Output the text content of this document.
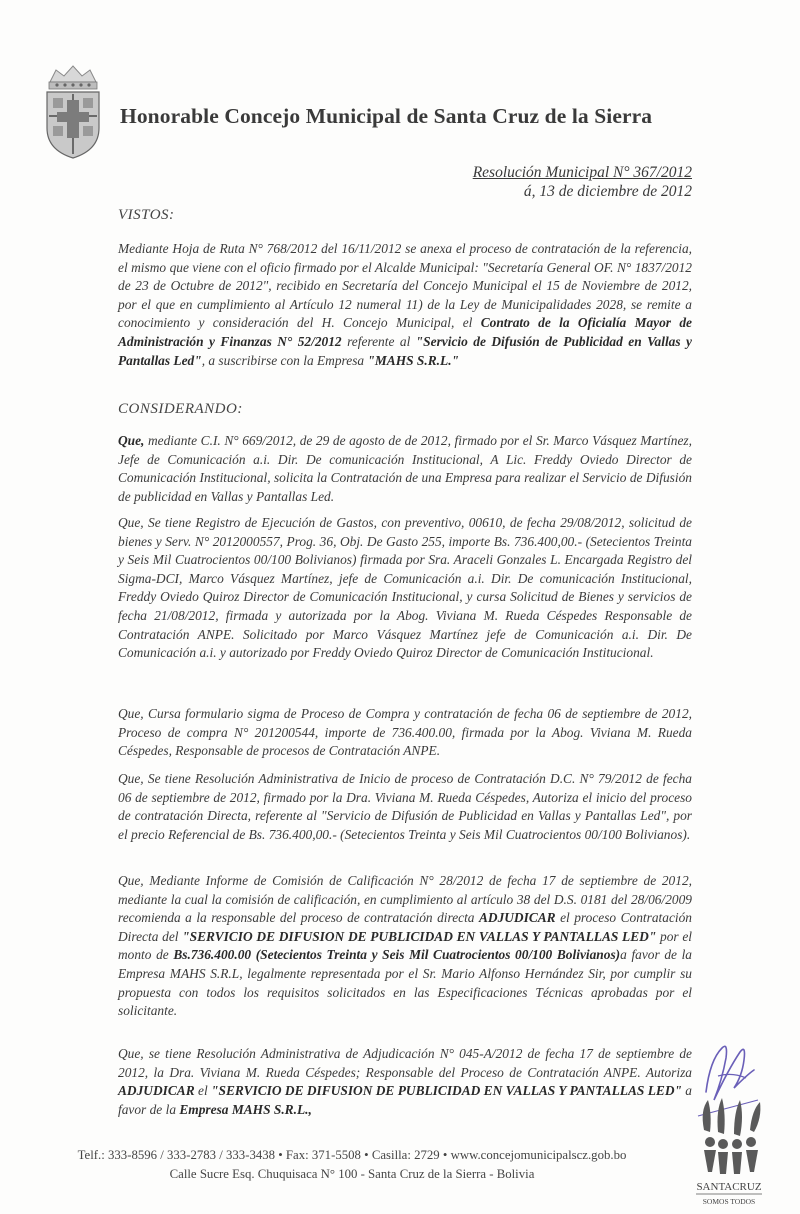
Honorable Concejo Municipal de Santa Cruz de la Sierra
Resolución Municipal N° 367/2012
á, 13 de diciembre de 2012
VISTOS:

Mediante Hoja de Ruta N° 768/2012 del 16/11/2012 se anexa el proceso de contratación de la referencia, el mismo que viene con el oficio firmado por el Alcalde Municipal: "Secretaría General OF. N° 1837/2012 de 23 de Octubre de 2012", recibido en Secretaría del Concejo Municipal el 15 de Noviembre de 2012, por el que en cumplimiento al Artículo 12 numeral 11) de la Ley de Municipalidades 2028, se remite a conocimiento y consideración del H. Concejo Municipal, el Contrato de la Oficialía Mayor de Administración y Finanzas N° 52/2012 referente al "Servicio de Difusión de Publicidad en Vallas y Pantallas Led", a suscribirse con la Empresa "MAHS S.R.L."

CONSIDERANDO:

Que, mediante C.I. N° 669/2012, de 29 de agosto de de 2012, firmado por el Sr. Marco Vásquez Martínez, Jefe de Comunicación a.i. Dir. De comunicación Institucional, A Lic. Freddy Oviedo Director de Comunicación Institucional, solicita la Contratación de una Empresa para realizar el Servicio de Difusión de publicidad en Vallas y Pantallas Led.

Que, Se tiene Registro de Ejecución de Gastos, con preventivo, 00610, de fecha 29/08/2012, solicitud de bienes y Serv. N° 2012000557, Prog. 36, Obj. De Gasto 255, importe Bs. 736.400,00.- (Setecientos Treinta y Seis Mil Cuatrocientos 00/100 Bolivianos) firmada por Sra. Araceli Gonzales L. Encargada Registro del Sigma-DCI, Marco Vásquez Martínez, jefe de Comunicación a.i. Dir. De comunicación Institucional, Freddy Oviedo Quiroz Director de Comunicación Institucional, y cursa Solicitud de Bienes y servicios de fecha 21/08/2012, firmada y autorizada por la Abog. Viviana M. Rueda Céspedes Responsable de Contratación ANPE. Solicitado por Marco Vásquez Martínez jefe de Comunicación a.i. Dir. De Comunicación a.i. y autorizado por Freddy Oviedo Quiroz Director de Comunicación Institucional.

Que, Cursa formulario sigma de Proceso de Compra y contratación de fecha 06 de septiembre de 2012, Proceso de compra N° 201200544, importe de 736.400.00, firmada por la Abog. Viviana M. Rueda Céspedes, Responsable de procesos de Contratación ANPE.

Que, Se tiene Resolución Administrativa de Inicio de proceso de Contratación D.C. N° 79/2012 de fecha 06 de septiembre de 2012, firmado por la Dra. Viviana M. Rueda Céspedes, Autoriza el inicio del proceso de contratación Directa, referente al "Servicio de Difusión de Publicidad en Vallas y Pantallas Led", por el precio Referencial de Bs. 736.400,00.- (Setecientos Treinta y Seis Mil Cuatrocientos 00/100 Bolivianos).

Que, Mediante Informe de Comisión de Calificación N° 28/2012 de fecha 17 de septiembre de 2012, mediante la cual la comisión de calificación, en cumplimiento al artículo 38 del D.S. 0181 del 28/06/2009 recomienda a la responsable del proceso de contratación directa ADJUDICAR el proceso Contratación Directa del "SERVICIO DE DIFUSION DE PUBLICIDAD EN VALLAS Y PANTALLAS LED" por el monto de Bs.736.400.00 (Setecientos Treinta y Seis Mil Cuatrocientos 00/100 Bolivianos)a favor de la Empresa MAHS S.R.L, legalmente representada por el Sr. Mario Alfonso Hernández Sir, por cumplir su propuesta con todos los requisitos solicitados en las Especificaciones Técnicas aprobadas por el solicitante.

Que, se tiene Resolución Administrativa de Adjudicación N° 045-A/2012 de fecha 17 de septiembre de 2012, la Dra. Viviana M. Rueda Céspedes; Responsable del Proceso de Contratación ANPE. Autoriza ADJUDICAR el "SERVICIO DE DIFUSION DE PUBLICIDAD EN VALLAS Y PANTALLAS LED" a favor de la Empresa MAHS S.R.L.,

SANTACRUZ
SOMOS TODOS
Telf.: 333-8596 / 333-2783 / 333-3438 • Fax: 371-5508 • Casilla: 2729 • www.concejomunicipalscz.gob.bo
Calle Sucre Esq. Chuquisaca N° 100 - Santa Cruz de la Sierra - Bolivia
